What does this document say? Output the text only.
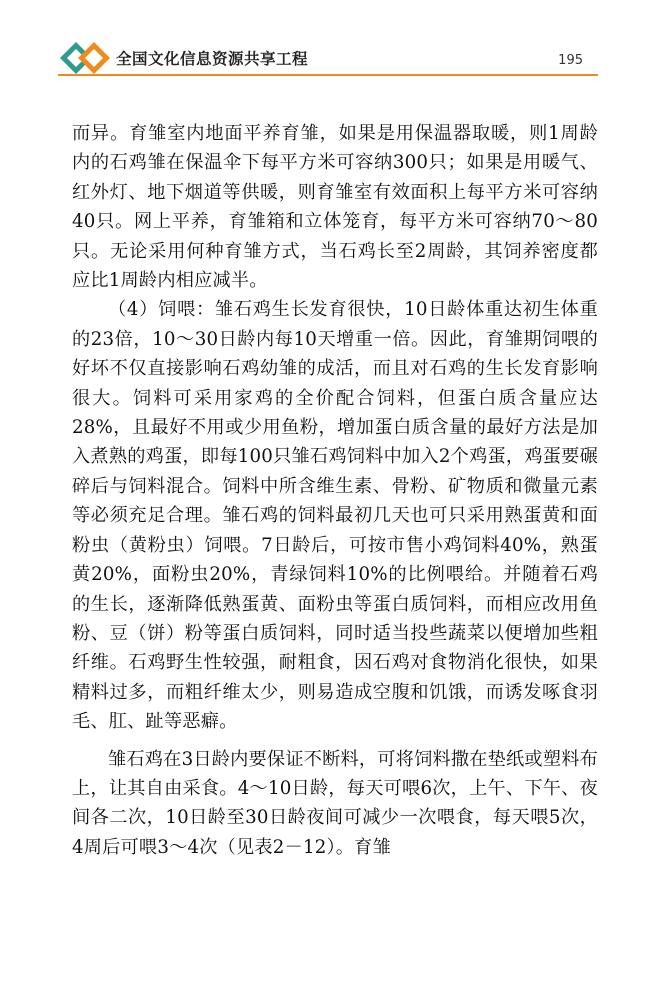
全国文化信息资源共享工程	195

而异。育雏室内地面平养育雏，如果是用保温器取暖，则1周龄内的石鸡雏在保温伞下每平方米可容纳300只；如果是用暖气、红外灯、地下烟道等供暖，则育雏室有效面积上每平方米可容纳40只。网上平养，育雏箱和立体笼育，每平方米可容纳70～80只。无论采用何种育雏方式，当石鸡长至2周龄，其饲养密度都应比1周龄内相应减半。

（4）饲喂：雏石鸡生长发育很快，10日龄体重达初生体重的23倍，10～30日龄内每10天增重一倍。因此，育雏期饲喂的好坏不仅直接影响石鸡幼雏的成活，而且对石鸡的生长发育影响很大。饲料可采用家鸡的全价配合饲料，但蛋白质含量应达28%，且最好不用或少用鱼粉，增加蛋白质含量的最好方法是加入煮熟的鸡蛋，即每100只雏石鸡饲料中加入2个鸡蛋，鸡蛋要碾碎后与饲料混合。饲料中所含维生素、骨粉、矿物质和微量元素等必须充足合理。雏石鸡的饲料最初几天也可只采用熟蛋黄和面粉虫（黄粉虫）饲喂。7日龄后，可按市售小鸡饲料40%，熟蛋黄20%，面粉虫20%，青绿饲料10%的比例喂给。并随着石鸡的生长，逐渐降低熟蛋黄、面粉虫等蛋白质饲料，而相应改用鱼粉、豆（饼）粉等蛋白质饲料，同时适当投些蔬菜以便增加些粗纤维。石鸡野生性较强，耐粗食，因石鸡对食物消化很快，如果精料过多，而粗纤维太少，则易造成空腹和饥饿，而诱发啄食羽毛、肛、趾等恶癖。

雏石鸡在3日龄内要保证不断料，可将饲料撒在垫纸或塑料布上，让其自由采食。4～10日龄，每天可喂6次，上午、下午、夜间各二次，10日龄至30日龄夜间可减少一次喂食，每天喂5次，4周后可喂3～4次（见表2－12）。育雏
